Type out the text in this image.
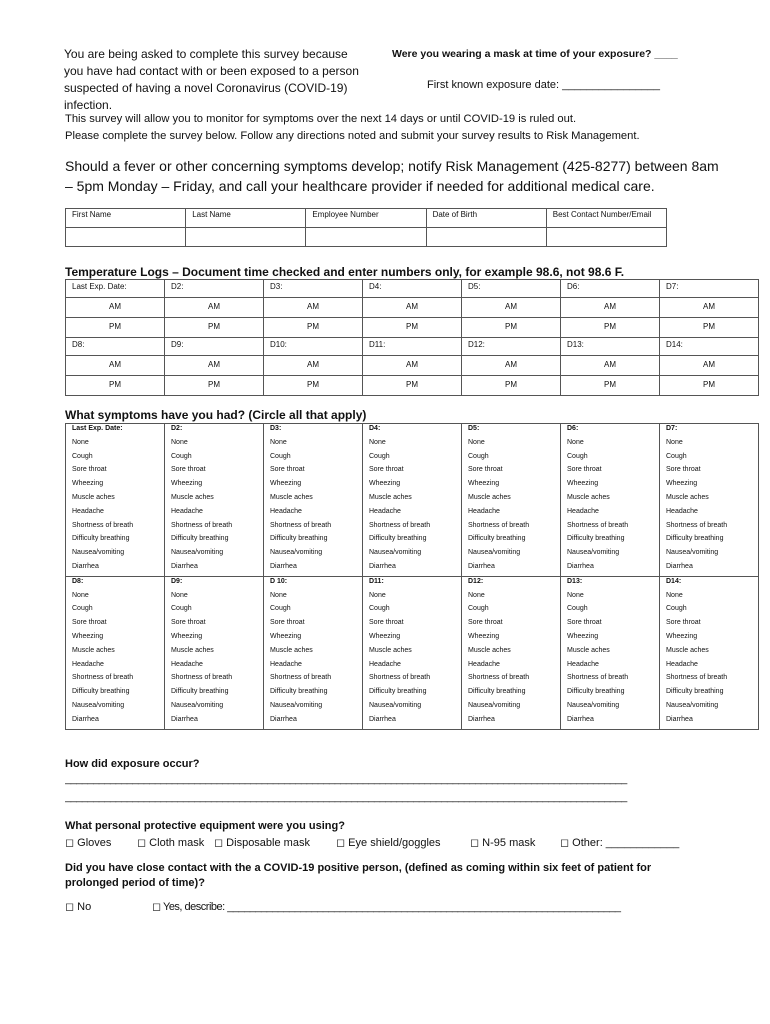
You are being asked to complete this survey because
you have had contact with or been exposed to a person
suspected of having a novel Coronavirus (COVID-19) infection.
Were you wearing a mask at time of your exposure? ____
First known exposure date: ________________
This survey will allow you to monitor for symptoms over the next 14 days or until COVID-19 is ruled out.
Please complete the survey below. Follow any directions noted and submit your survey results to Risk Management.
Should a fever or other concerning symptoms develop; notify Risk Management (425-8277) between 8am – 5pm Monday – Friday, and call your healthcare provider if needed for additional medical care.
First Name	Last Name	Employee Number	Date of Birth	Best Contact Number/Email

Temperature Logs – Document time checked and enter numbers only, for example 98.6, not 98.6 F.
Last Exp. Date:	D2:	D3:	D4:	D5:	D6:	D7:
AM	AM	AM	AM	AM	AM	AM
PM	PM	PM	PM	PM	PM	PM
D8:	D9:	D10:	D11:	D12:	D13:	D14:
AM	AM	AM	AM	AM	AM	AM
PM	PM	PM	PM	PM	PM	PM
What symptoms have you had? (Circle all that apply)
Last Exp. Date:	D2:	D3:	D4:	D5:	D6:	D7:
None	None	None	None	None	None	None
Cough	Cough	Cough	Cough	Cough	Cough	Cough
Sore throat	Sore throat	Sore throat	Sore throat	Sore throat	Sore throat	Sore throat
Wheezing	Wheezing	Wheezing	Wheezing	Wheezing	Wheezing	Wheezing
Muscle aches	Muscle aches	Muscle aches	Muscle aches	Muscle aches	Muscle aches	Muscle aches
Headache	Headache	Headache	Headache	Headache	Headache	Headache
Shortness of breath	Shortness of breath	Shortness of breath	Shortness of breath	Shortness of breath	Shortness of breath	Shortness of breath
Difficulty breathing	Difficulty breathing	Difficulty breathing	Difficulty breathing	Difficulty breathing	Difficulty breathing	Difficulty breathing
Nausea/vomiting	Nausea/vomiting	Nausea/vomiting	Nausea/vomiting	Nausea/vomiting	Nausea/vomiting	Nausea/vomiting
Diarrhea	Diarrhea	Diarrhea	Diarrhea	Diarrhea	Diarrhea	Diarrhea
D8:	D9:	D 10:	D11:	D12:	D13:	D14:
None	None	None	None	None	None	None
Cough	Cough	Cough	Cough	Cough	Cough	Cough
Sore throat	Sore throat	Sore throat	Sore throat	Sore throat	Sore throat	Sore throat
Wheezing	Wheezing	Wheezing	Wheezing	Wheezing	Wheezing	Wheezing
Muscle aches	Muscle aches	Muscle aches	Muscle aches	Muscle aches	Muscle aches	Muscle aches
Headache	Headache	Headache	Headache	Headache	Headache	Headache
Shortness of breath	Shortness of breath	Shortness of breath	Shortness of breath	Shortness of breath	Shortness of breath	Shortness of breath
Difficulty breathing	Difficulty breathing	Difficulty breathing	Difficulty breathing	Difficulty breathing	Difficulty breathing	Difficulty breathing
Nausea/vomiting	Nausea/vomiting	Nausea/vomiting	Nausea/vomiting	Nausea/vomiting	Nausea/vomiting	Nausea/vomiting
Diarrhea	Diarrhea	Diarrhea	Diarrhea	Diarrhea	Diarrhea	Diarrhea
How did exposure occur?
____________________________________________________________________________________________________
____________________________________________________________________________________________________
What personal protective equipment were you using?
◻ Gloves ◻ Cloth mask ◻ Disposable mask ◻ Eye shield/goggles	◻ N-95 mask ◻ Other: ____________
Did you have close contact with the a COVID-19 positive person, (defined as coming within six feet of patient for
prolonged period of time)?
◻ No	◻ Yes, describe: ______________________________________________________________________
